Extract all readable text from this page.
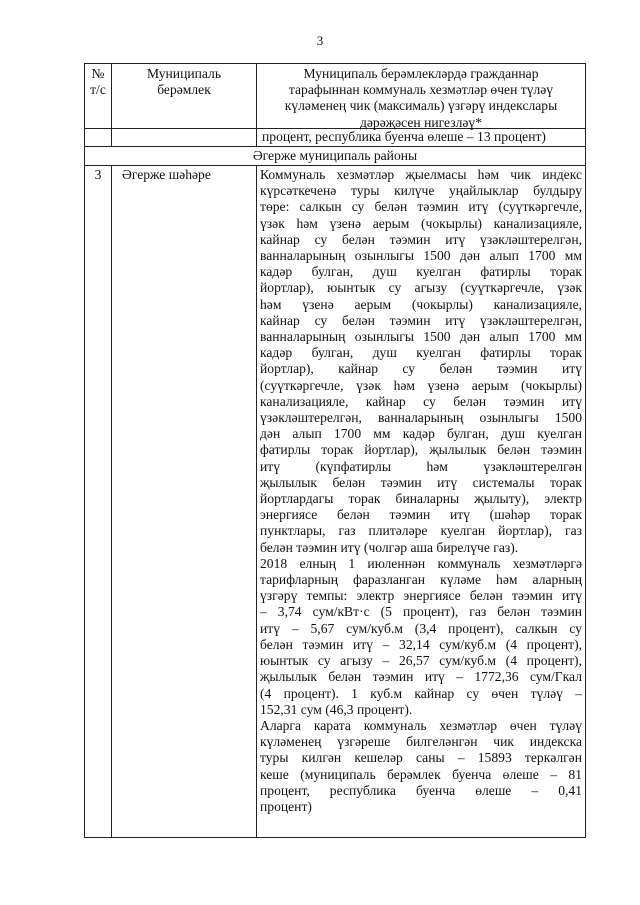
3
№
т/с
Муниципаль
берәмлек
Муниципаль берәмлекләрдә гражданнар
тарафыннан коммуналь хезмәтләр өчен түләү
күләменең чик (максималь) үзгәрү индекслары
дәрәҗәсен нигезләү*
процент, республика буенча өлеше – 13 процент)
Әгерже муниципаль районы
3	Әгерже шәһәре	Коммуналь хезмәтләр җыелмасы һәм чик индекс
күрсәткеченә туры килүче уңайлыклар булдыру
төре: салкын су белән тәэмин итү (суүткәргечле,
үзәк һәм үзенә аерым (чокырлы) канализацияле,
кайнар су белән тәэмин итү үзәкләштерелгән,
ванналарының озынлыгы 1500 дән алып 1700 мм
кадәр булган, душ куелган фатирлы торак
йортлар), юынтык су агызу (суүткәргечле, үзәк
һәм үзенә аерым (чокырлы) канализацияле,
кайнар су белән тәэмин итү үзәкләштерелгән,
ванналарының озынлыгы 1500 дән алып 1700 мм
кадәр булган, душ куелган фатирлы торак
йортлар), кайнар су белән тәэмин итү
(суүткәргечле, үзәк һәм үзенә аерым (чокырлы)
канализацияле, кайнар су белән тәэмин итү
үзәкләштерелгән, ванналарының озынлыгы 1500
дән алып 1700 мм кадәр булган, душ куелган
фатирлы торак йортлар), җылылык белән тәэмин
итү (күпфатирлы һәм үзәкләштерелгән
җылылык белән тәэмин итү системалы торак
йортлардагы торак биналарны җылыту), электр
энергиясе белән тәэмин итү (шәһәр торак
пунктлары, газ плитәләре куелган йортлар), газ
белән тәэмин итү (чолгәр аша бирелүче газ).
2018 елның 1 июленнән коммуналь хезмәтләргә
тарифларның фаразланган күләме һәм аларның
үзгәрү темпы: электр энергиясе белән тәэмин итү
– 3,74 сум/кВт·с (5 процент), газ белән тәэмин
итү – 5,67 сум/куб.м (3,4 процент), салкын су
белән тәэмин итү – 32,14 сум/куб.м (4 процент),
юынтык су агызу – 26,57 сум/куб.м (4 процент),
җылылык белән тәэмин итү – 1772,36 сум/Гкал
(4 процент). 1 куб.м кайнар су өчен түләү –
152,31 сум (46,3 процент).
Аларга карата коммуналь хезмәтләр өчен түләү
күләменең үзгәреше билгеләнгән чик индекска
туры килгән кешеләр саны – 15893 теркәлгән
кеше (муниципаль берәмлек буенча өлеше – 81
процент, республика буенча өлеше – 0,41
процент)
